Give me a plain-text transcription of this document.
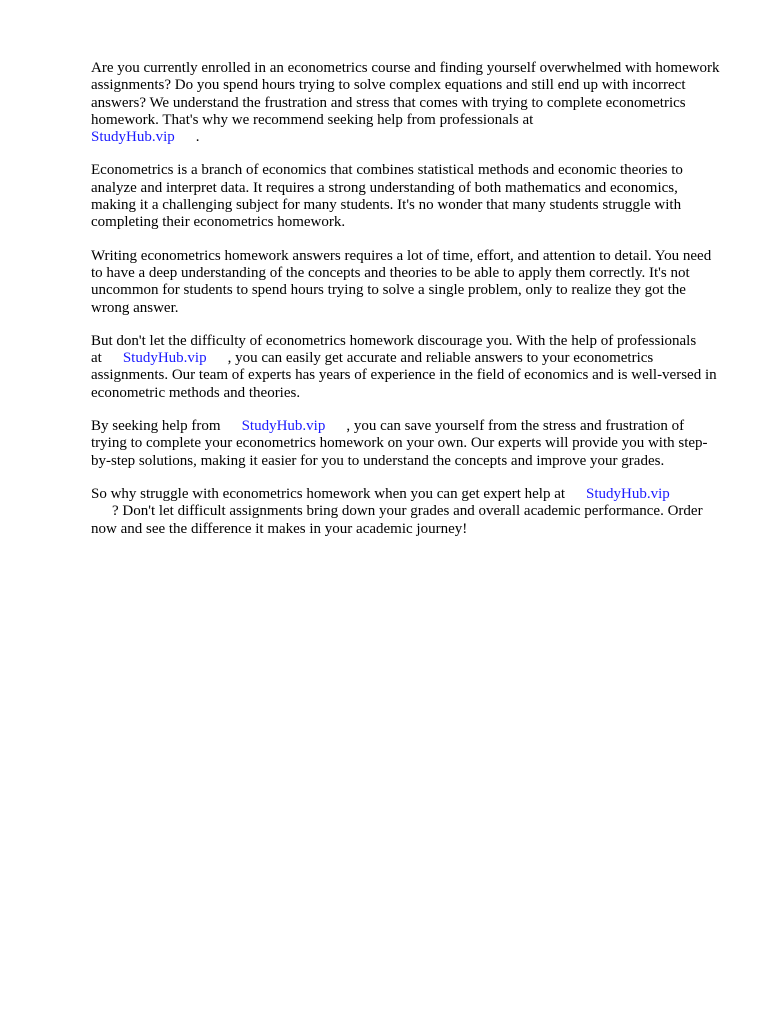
Are you currently enrolled in an econometrics course and finding yourself overwhelmed with homework assignments? Do you spend hours trying to solve complex equations and still end up with incorrect answers? We understand the frustration and stress that comes with trying to complete econometrics homework. That's why we recommend seeking help from professionals at
StudyHub.vip .

Econometrics is a branch of economics that combines statistical methods and economic theories to analyze and interpret data. It requires a strong understanding of both mathematics and economics, making it a challenging subject for many students. It's no wonder that many students struggle with completing their econometrics homework.

Writing econometrics homework answers requires a lot of time, effort, and attention to detail. You need to have a deep understanding of the concepts and theories to be able to apply them correctly. It's not uncommon for students to spend hours trying to solve a single problem, only to realize they got the wrong answer.

But don't let the difficulty of econometrics homework discourage you. With the help of professionals at StudyHub.vip , you can easily get accurate and reliable answers to your econometrics assignments. Our team of experts has years of experience in the field of economics and is well-versed in econometric methods and theories.

By seeking help from StudyHub.vip , you can save yourself from the stress and frustration of trying to complete your econometrics homework on your own. Our experts will provide you with step-by-step solutions, making it easier for you to understand the concepts and improve your grades.

So why struggle with econometrics homework when you can get expert help at StudyHub.vip
? Don't let difficult assignments bring down your grades and overall academic performance. Order now and see the difference it makes in your academic journey!
